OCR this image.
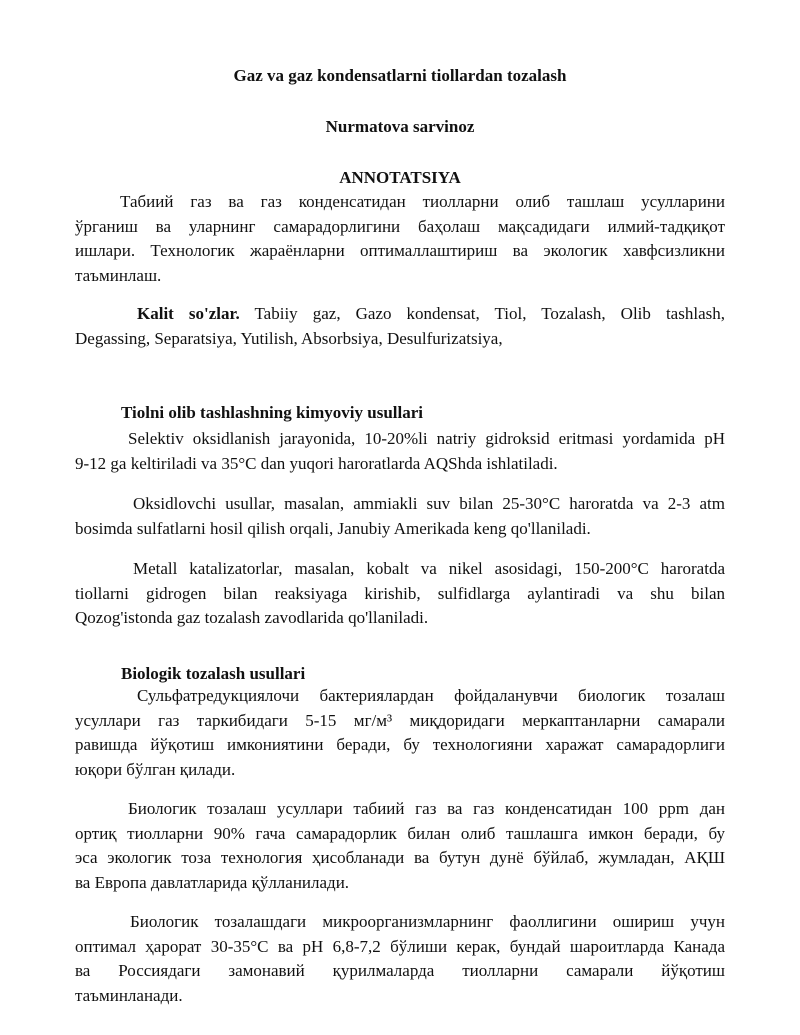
Gaz va gaz kondensatlarni tiollardan tozalash
Nurmatova sarvinoz
ANNOTATSIYA
Табиий газ ва газ конденсатидан тиолларни олиб ташлаш усулларини
ўрганиш ва уларнинг самарадорлигини баҳолаш мақсадидаги илмий-тадқиқот
ишлари. Технологик жараёнларни оптималлаштириш ва экологик хавфсизликни
таъминлаш.
Kalit so'zlar. Tabiiy gaz, Gazo kondensat, Tiol, Tozalash, Olib tashlash,
Degassing, Separatsiya, Yutilish, Absorbsiya, Desulfurizatsiya,
Tiolni olib tashlashning kimyoviy usullari
Selektiv oksidlanish jarayonida, 10-20%li natriy gidroksid eritmasi yordamida pH
9-12 ga keltiriladi va 35°C dan yuqori haroratlarda AQShda ishlatiladi.
Oksidlovchi usullar, masalan, ammiakli suv bilan 25-30°C haroratda va 2-3 atm
bosimda sulfatlarni hosil qilish orqali, Janubiy Amerikada keng qo'llaniladi.
Metall katalizatorlar, masalan, kobalt va nikel asosidagi, 150-200°C haroratda
tiollarni gidrogen bilan reaksiyaga kirishib, sulfidlarga aylantiradi va shu bilan
Qozog'istonda gaz tozalash zavodlarida qo'llaniladi.
Biologik tozalash usullari
Сульфатредукциялочи бактериялардан фойдаланувчи биологик тозалаш
усуллари газ таркибидаги 5-15 мг/м³ миқдоридаги меркаптанларни самарали
равишда йўқотиш имкониятини беради, бу технологияни харажат самарадорлиги
юқори бўлган қилади.
Биологик тозалаш усуллари табиий газ ва газ конденсатидан 100 ppm дан
ортиқ тиолларни 90% гача самарадорлик билан олиб ташлашга имкон беради, бу
эса экологик тоза технология ҳисобланади ва бутун дунё бўйлаб, жумладан, АҚШ
ва Европа давлатларида қўлланилади.
Биологик тозалашдаги микроорганизмларнинг фаоллигини ошириш учун
оптимал ҳарорат 30-35°C ва pH 6,8-7,2 бўлиши керак, бундай шароитларда Канада
ва Россиядаги замонавий қурилмаларда тиолларни самарали йўқотиш
таъминланади.
